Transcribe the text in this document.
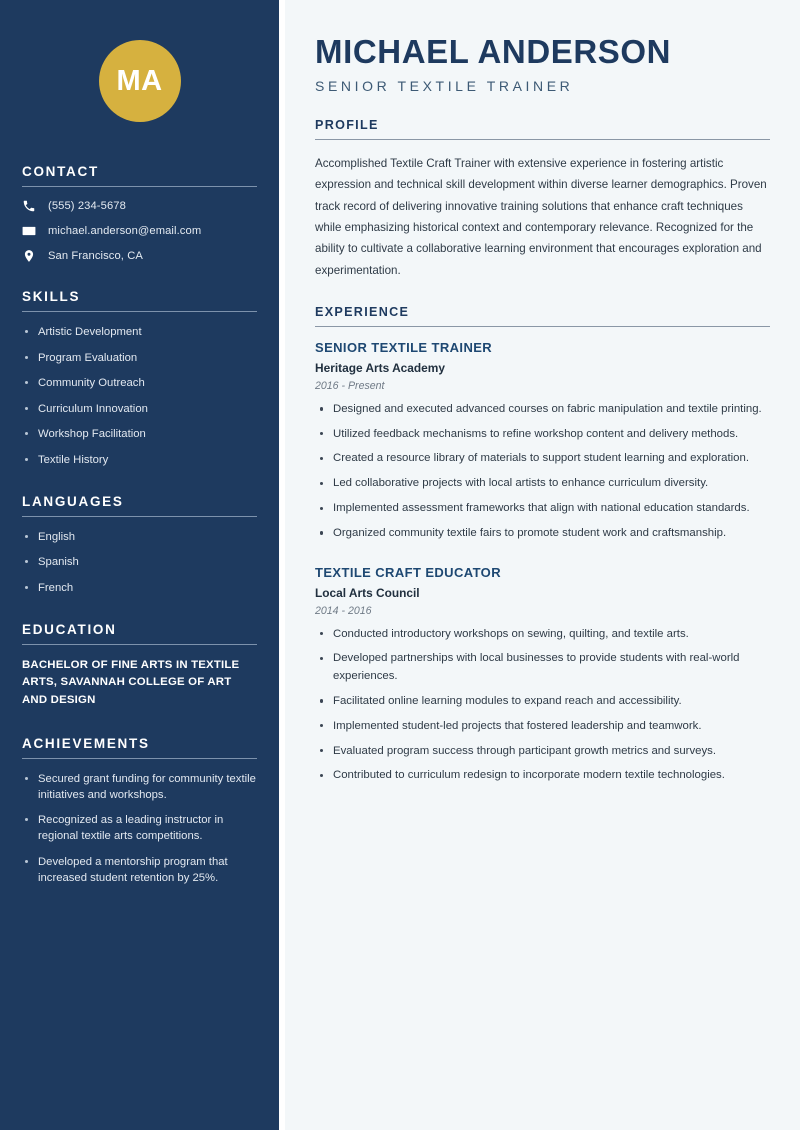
MA
CONTACT
(555) 234-5678
michael.anderson@email.com
San Francisco, CA
SKILLS
Artistic Development
Program Evaluation
Community Outreach
Curriculum Innovation
Workshop Facilitation
Textile History
LANGUAGES
English
Spanish
French
EDUCATION
BACHELOR OF FINE ARTS IN TEXTILE ARTS, SAVANNAH COLLEGE OF ART AND DESIGN
ACHIEVEMENTS
Secured grant funding for community textile initiatives and workshops.
Recognized as a leading instructor in regional textile arts competitions.
Developed a mentorship program that increased student retention by 25%.
MICHAEL ANDERSON
SENIOR TEXTILE TRAINER
PROFILE

Accomplished Textile Craft Trainer with extensive experience in fostering artistic expression and technical skill development within diverse learner demographics. Proven track record of delivering innovative training solutions that enhance craft techniques while emphasizing historical context and contemporary relevance. Recognized for the ability to cultivate a collaborative learning environment that encourages exploration and experimentation.

EXPERIENCE
SENIOR TEXTILE TRAINER
Heritage Arts Academy
2016 - Present
Designed and executed advanced courses on fabric manipulation and textile printing.
Utilized feedback mechanisms to refine workshop content and delivery methods.
Created a resource library of materials to support student learning and exploration.
Led collaborative projects with local artists to enhance curriculum diversity.
Implemented assessment frameworks that align with national education standards.
Organized community textile fairs to promote student work and craftsmanship.
TEXTILE CRAFT EDUCATOR
Local Arts Council
2014 - 2016
Conducted introductory workshops on sewing, quilting, and textile arts.
Developed partnerships with local businesses to provide students with real-world experiences.
Facilitated online learning modules to expand reach and accessibility.
Implemented student-led projects that fostered leadership and teamwork.
Evaluated program success through participant growth metrics and surveys.
Contributed to curriculum redesign to incorporate modern textile technologies.
